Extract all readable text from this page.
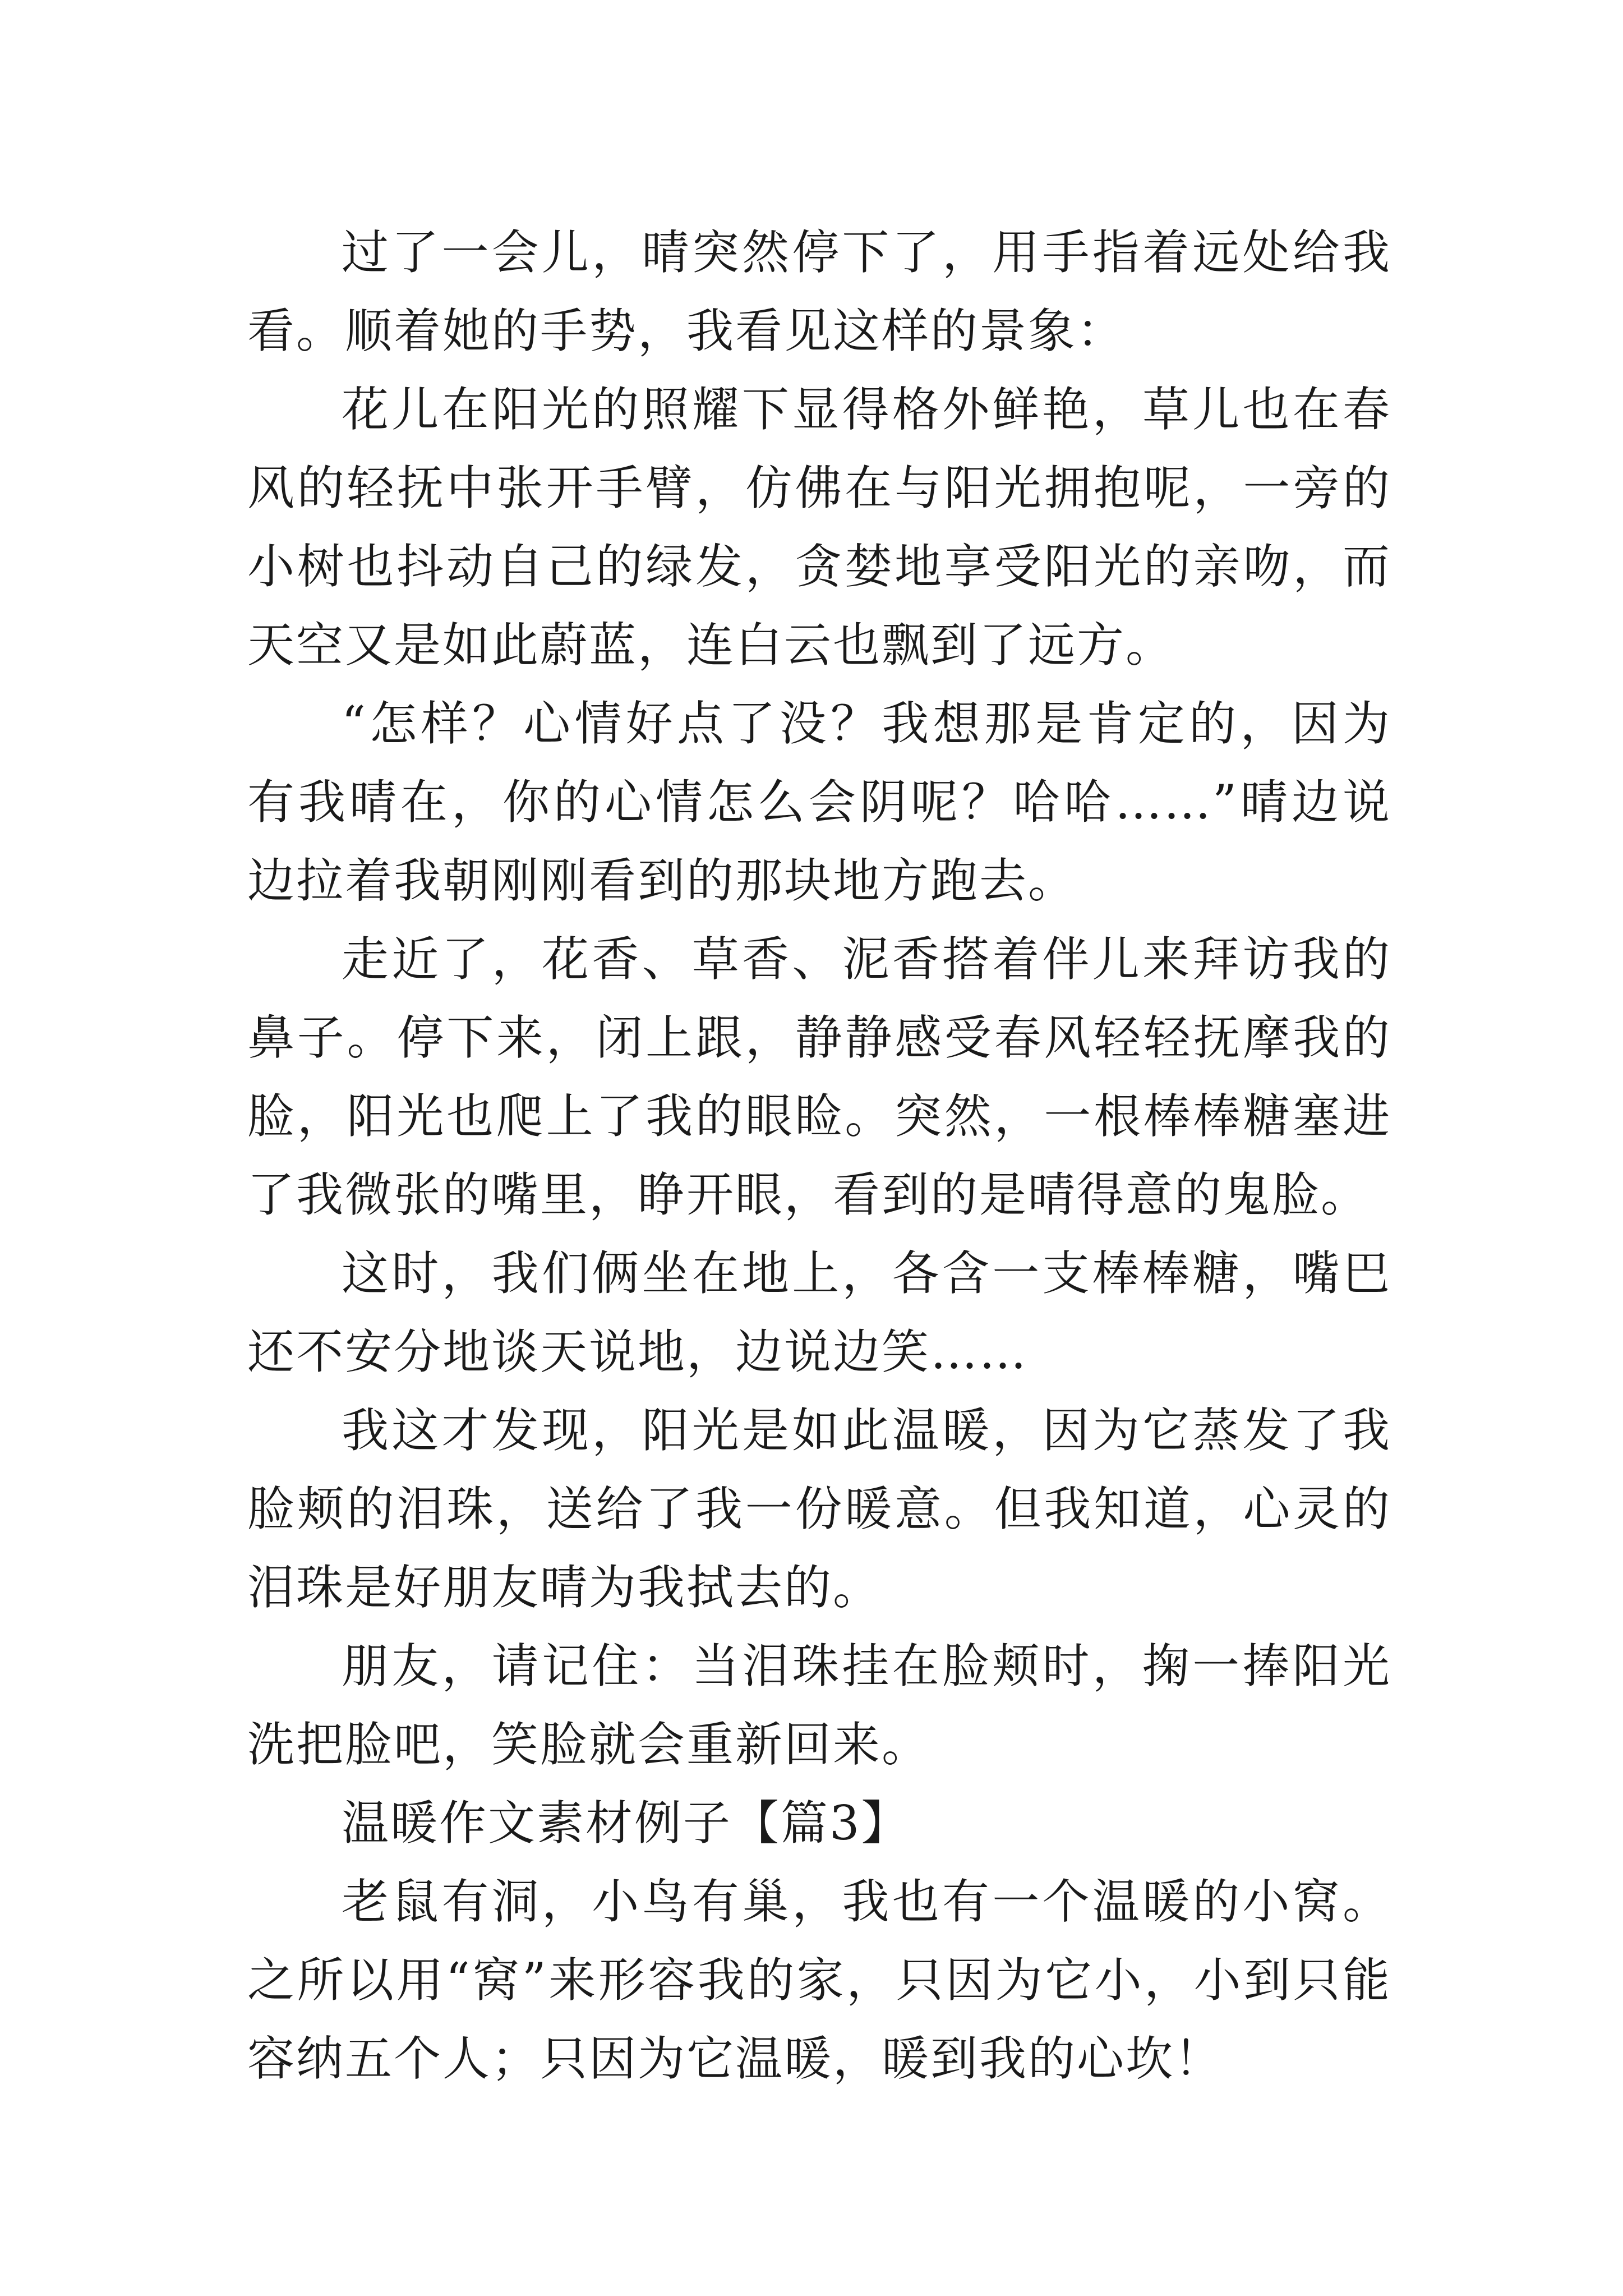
过了一会儿，晴突然停下了，用手指着远处给我看。顺着她的手势，我看见这样的景象：

花儿在阳光的照耀下显得格外鲜艳，草儿也在春风的轻抚中张开手臂，仿佛在与阳光拥抱呢，一旁的小树也抖动自己的绿发，贪婪地享受阳光的亲吻，而天空又是如此蔚蓝，连白云也飘到了远方。

“怎样？心情好点了没？我想那是肯定的，因为有我晴在，你的心情怎么会阴呢？哈哈……”晴边说边拉着我朝刚刚看到的那块地方跑去。

走近了，花香、草香、泥香搭着伴儿来拜访我的鼻子。停下来，闭上跟，静静感受春风轻轻抚摩我的脸，阳光也爬上了我的眼睑。突然，一根棒棒糖塞进了我微张的嘴里，睁开眼，看到的是晴得意的鬼脸。

这时，我们俩坐在地上，各含一支棒棒糖，嘴巴还不安分地谈天说地，边说边笑……

我这才发现，阳光是如此温暖，因为它蒸发了我脸颊的泪珠，送给了我一份暖意。但我知道，心灵的泪珠是好朋友晴为我拭去的。

朋友，请记住：当泪珠挂在脸颊时，掬一捧阳光洗把脸吧，笑脸就会重新回来。

温暖作文素材例子【篇3】

老鼠有洞，小鸟有巢，我也有一个温暖的小窝。之所以用“窝”来形容我的家，只因为它小，小到只能容纳五个人；只因为它温暖，暖到我的心坎！
